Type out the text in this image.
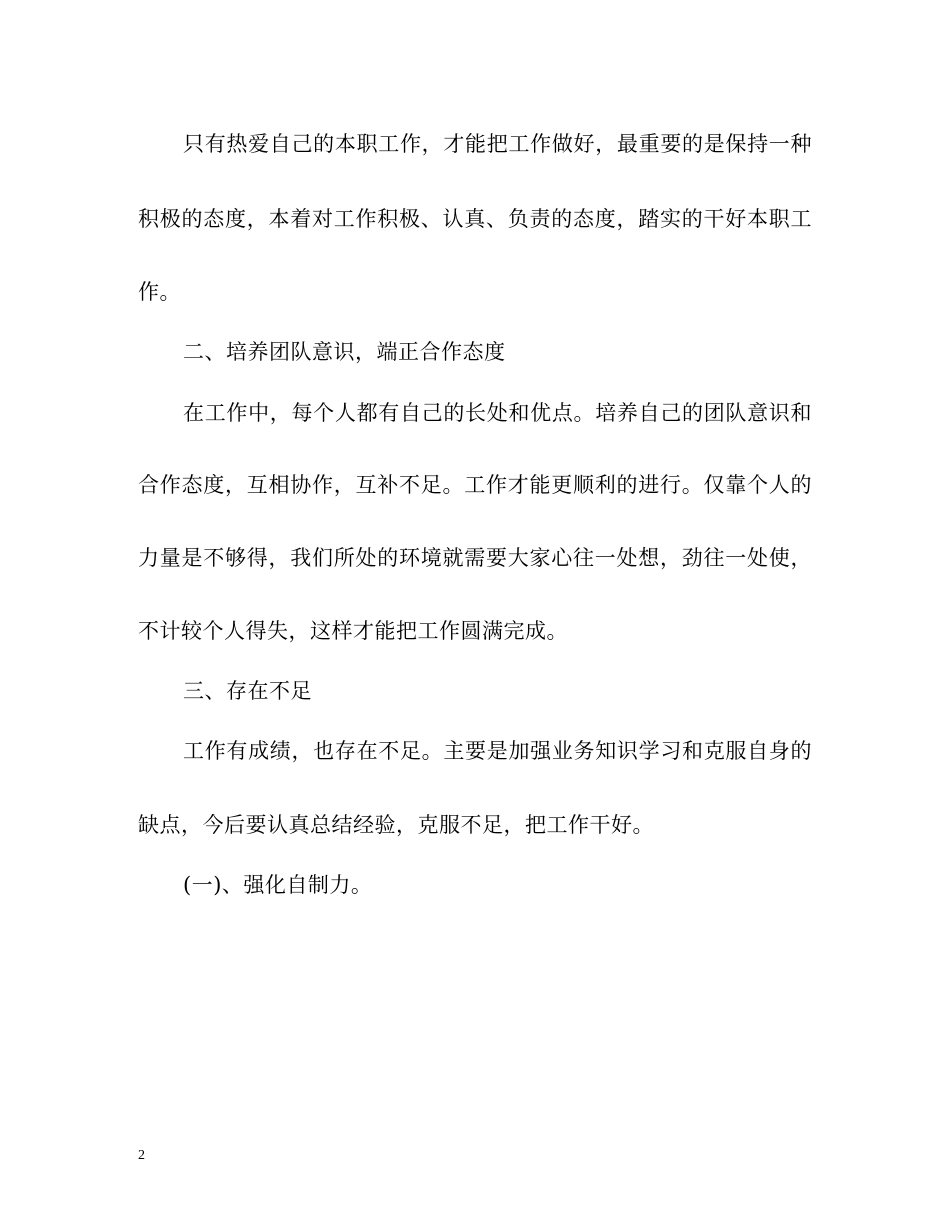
只有热爱自己的本职工作，才能把工作做好，最重要的是保持一种
积极的态度，本着对工作积极、认真、负责的态度，踏实的干好本职工
作。
二、培养团队意识，端正合作态度
在工作中，每个人都有自己的长处和优点。培养自己的团队意识和
合作态度，互相协作，互补不足。工作才能更顺利的进行。仅靠个人的
力量是不够得，我们所处的环境就需要大家心往一处想，劲往一处使，
不计较个人得失，这样才能把工作圆满完成。
三、存在不足
工作有成绩，也存在不足。主要是加强业务知识学习和克服自身的
缺点，今后要认真总结经验，克服不足，把工作干好。
(一)、强化自制力。
2
